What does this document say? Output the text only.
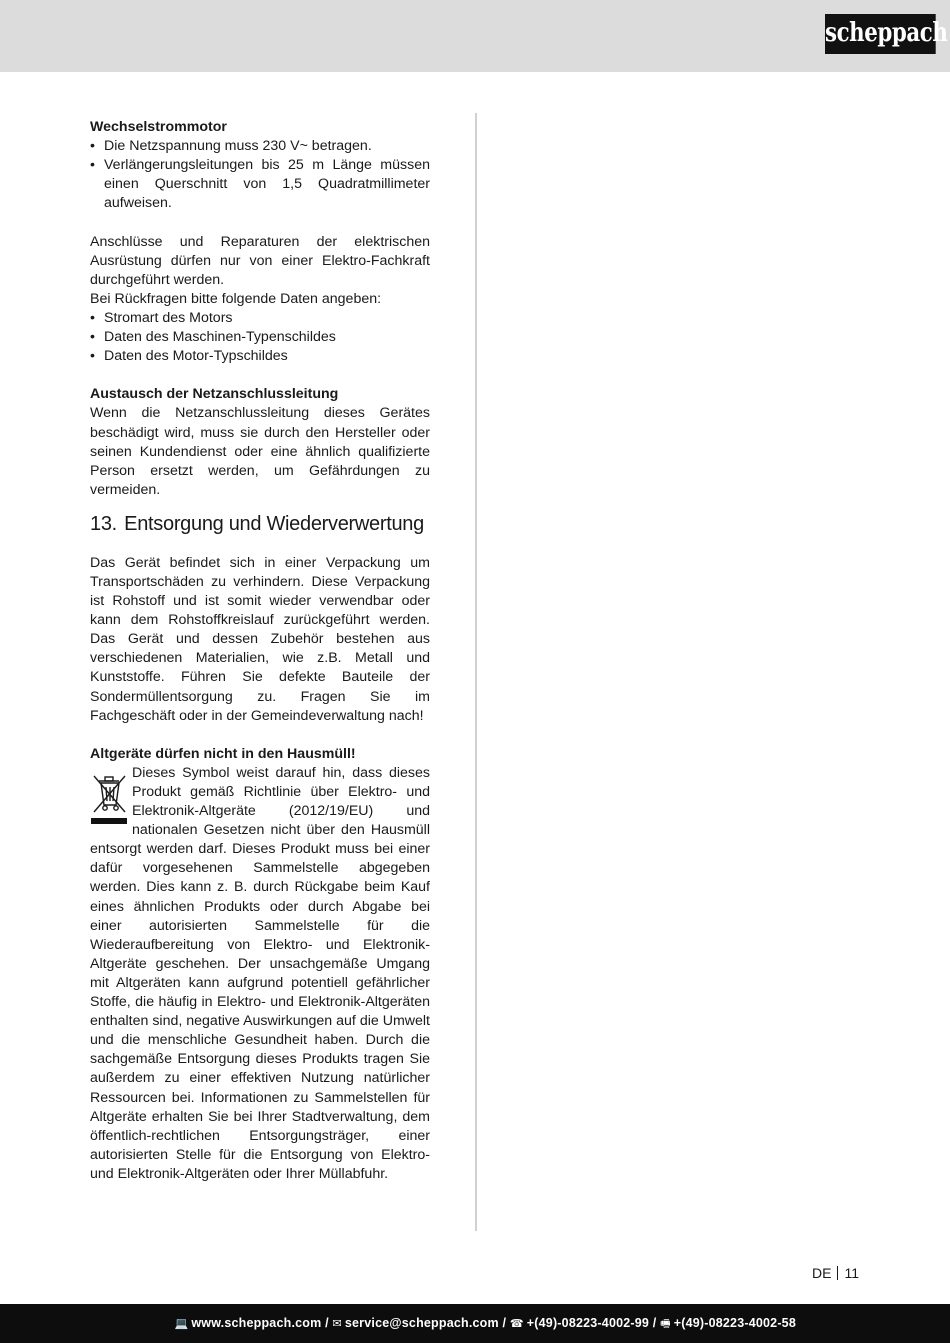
scheppach

Wechselstrommotor

• Die Netzspannung muss 230 V~ betragen.
• Verlängerungsleitungen bis 25 m Länge müssen einen Querschnitt von 1,5 Quadratmillimeter aufweisen.

Anschlüsse und Reparaturen der elektrischen Ausrüstung dürfen nur von einer Elektro-Fachkraft durchgeführt werden.

Bei Rückfragen bitte folgende Daten angeben:

• Stromart des Motors
• Daten des Maschinen-Typenschildes
• Daten des Motor-Typschildes

Austausch der Netzanschlussleitung

Wenn die Netzanschlussleitung dieses Gerätes beschädigt wird, muss sie durch den Hersteller oder seinen Kundendienst oder eine ähnlich qualifizierte Person ersetzt werden, um Gefährdungen zu vermeiden.

13. Entsorgung und Wiederverwertung

Das Gerät befindet sich in einer Verpackung um Transportschäden zu verhindern. Diese Verpackung ist Rohstoff und ist somit wieder verwendbar oder kann dem Rohstoffkreislauf zurückgeführt werden. Das Gerät und dessen Zubehör bestehen aus verschiedenen Materialien, wie z.B. Metall und Kunststoffe. Führen Sie defekte Bauteile der Sondermüllentsorgung zu. Fragen Sie im Fachgeschäft oder in der Gemeindeverwaltung nach!

Altgeräte dürfen nicht in den Hausmüll!

Dieses Symbol weist darauf hin, dass dieses Produkt gemäß Richtlinie über Elektro- und Elektronik-Altgeräte (2012/19/EU) und nationalen Gesetzen nicht über den Hausmüll entsorgt werden darf. Dieses Produkt muss bei einer dafür vorgesehenen Sammelstelle abgegeben werden. Dies kann z. B. durch Rückgabe beim Kauf eines ähnlichen Produkts oder durch Abgabe bei einer autorisierten Sammelstelle für die Wiederaufbereitung von Elektro- und Elektronik- Altgeräte geschehen. Der unsachgemäße Umgang mit Altgeräten kann aufgrund potentiell gefährlicher Stoffe, die häufig in Elektro- und Elektronik-Altgeräten enthalten sind, negative Auswirkungen auf die Umwelt und die menschliche Gesundheit haben. Durch die sachgemäße Entsorgung dieses Produkts tragen Sie außerdem zu einer effektiven Nutzung natürlicher Ressourcen bei. Informationen zu Sammelstellen für Altgeräte erhalten Sie bei Ihrer Stadtverwaltung, dem öffentlich-rechtlichen Entsorgungsträger, einer autorisierten Stelle für die Entsorgung von Elektro- und Elektronik-Altgeräten oder Ihrer Müllabfuhr.

DE 11
💻 www.scheppach.com / ✉ service@scheppach.com / ☎ +(49)-08223-4002-99 / 🖷 +(49)-08223-4002-58
